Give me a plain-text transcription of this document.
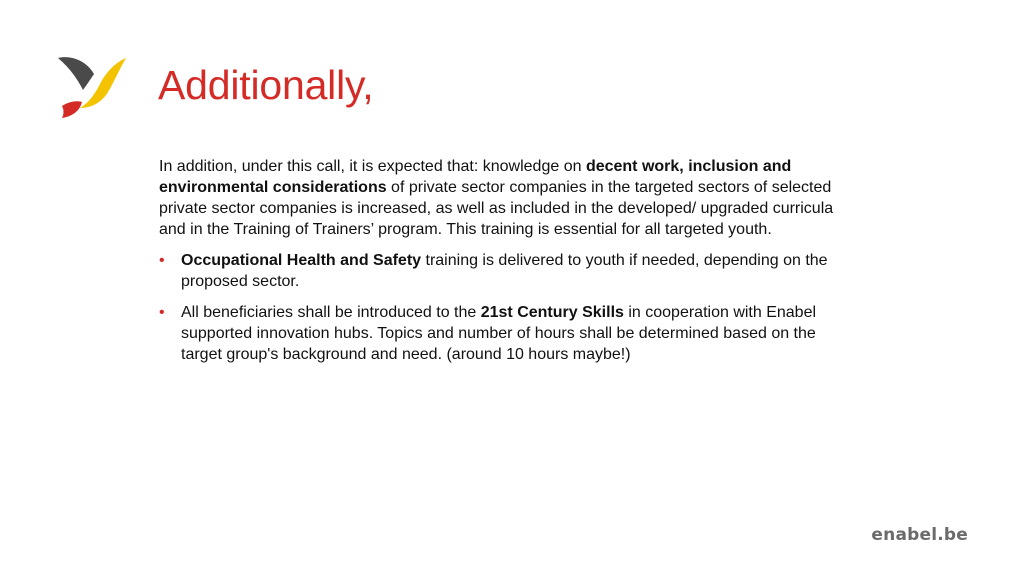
Additionally,

In addition, under this call, it is expected that: knowledge on decent work, inclusion and environmental considerations of private sector companies in the targeted sectors of selected private sector companies is increased, as well as included in the developed/ upgraded curricula and in the Training of Trainers’ program. This training is essential for all targeted youth.

• Occupational Health and Safety training is delivered to youth if needed, depending on the proposed sector.
• All beneficiaries shall be introduced to the 21st Century Skills in cooperation with Enabel supported innovation hubs. Topics and number of hours shall be determined based on the target group's background and need. (around 10 hours maybe!)
enabel.be
